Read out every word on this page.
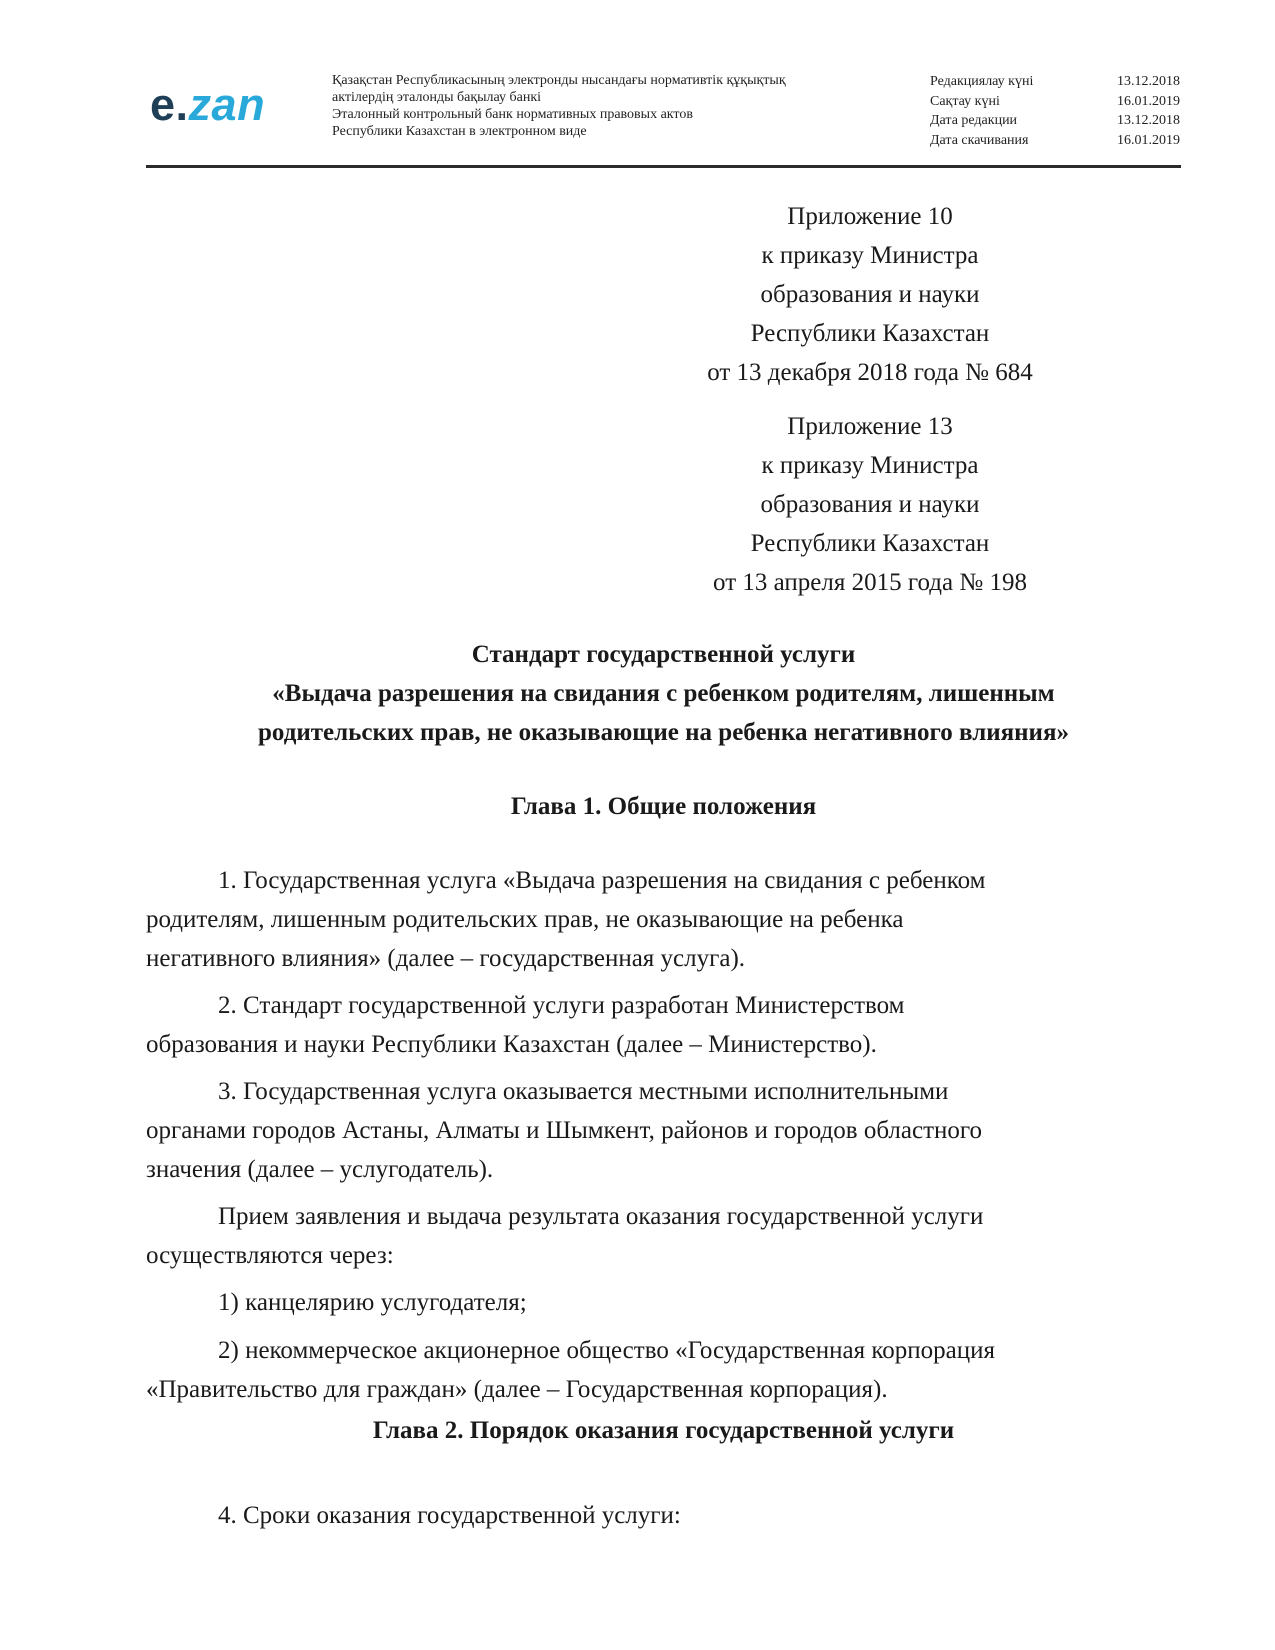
e.zan	Қазақстан Республикасының электронды нысандағы нормативтік құқықтық
актілердің эталонды бақылау банкі
Эталонный контрольный банк нормативных правовых актов
Республики Казахстан в электронном виде
Редакциялау күні	13.12.2018
Сақтау күні	16.01.2019
Дата редакции	13.12.2018
Дата скачивания	16.01.2019
Приложение 10
к приказу Министра
образования и науки
Республики Казахстан
от 13 декабря 2018 года № 684
Приложение 13
к приказу Министра
образования и науки
Республики Казахстан
от 13 апреля 2015 года № 198
Стандарт государственной услуги
«Выдача разрешения на свидания с ребенком родителям, лишенным
родительских прав, не оказывающие на ребенка негативного влияния»
Глава 1. Общие положения
1. Государственная услуга «Выдача разрешения на свидания с ребенком
родителям, лишенным родительских прав, не оказывающие на ребенка
негативного влияния» (далее – государственная услуга).
2. Стандарт государственной услуги разработан Министерством
образования и науки Республики Казахстан (далее – Министерство).
3. Государственная услуга оказывается местными исполнительными
органами городов Астаны, Алматы и Шымкент, районов и городов областного
значения (далее – услугодатель).
Прием заявления и выдача результата оказания государственной услуги
осуществляются через:
1) канцелярию услугодателя;
2) некоммерческое акционерное общество «Государственная корпорация
«Правительство для граждан» (далее – Государственная корпорация).
Глава 2. Порядок оказания государственной услуги
4. Сроки оказания государственной услуги:
